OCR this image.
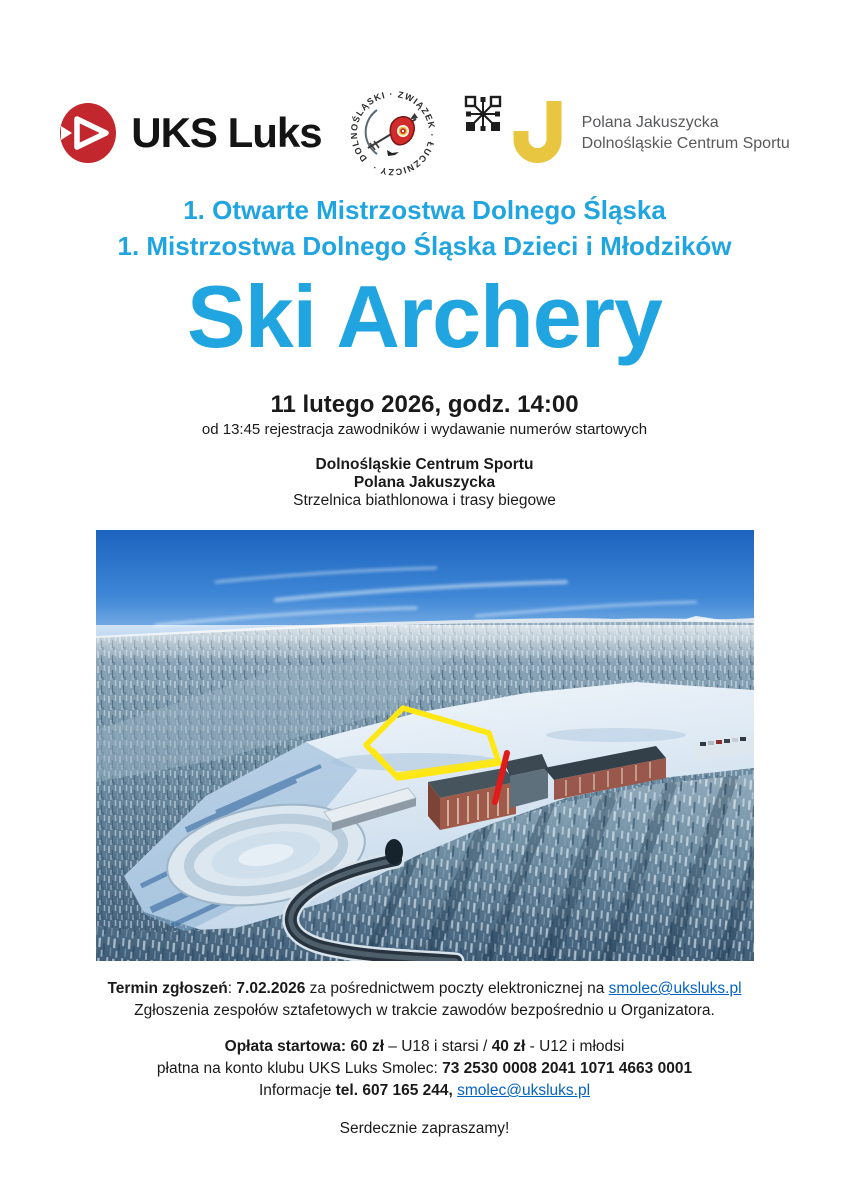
UKS Luks
DOLNOŚLĄSKI · ZWIĄZEK · ŁUCZNICZY ·
Polana Jakuszycka
Dolnośląskie Centrum Sportu
1. Otwarte Mistrzostwa Dolnego Śląska
1. Mistrzostwa Dolnego Śląska Dzieci i Młodzików
Ski Archery
11 lutego 2026, godz. 14:00
od 13:45 rejestracja zawodników i wydawanie numerów startowych
Dolnośląskie Centrum Sportu
Polana Jakuszycka
Strzelnica biathlonowa i trasy biegowe
Termin zgłoszeń: 7.02.2026 za pośrednictwem poczty elektronicznej na smolec@uksluks.pl
Zgłoszenia zespołów sztafetowych w trakcie zawodów bezpośrednio u Organizatora.
Opłata startowa: 60 zł – U18 i starsi / 40 zł - U12 i młodsi
płatna na konto klubu UKS Luks Smolec: 73 2530 0008 2041 1071 4663 0001
Informacje tel. 607 165 244, smolec@uksluks.pl
Serdecznie zapraszamy!
